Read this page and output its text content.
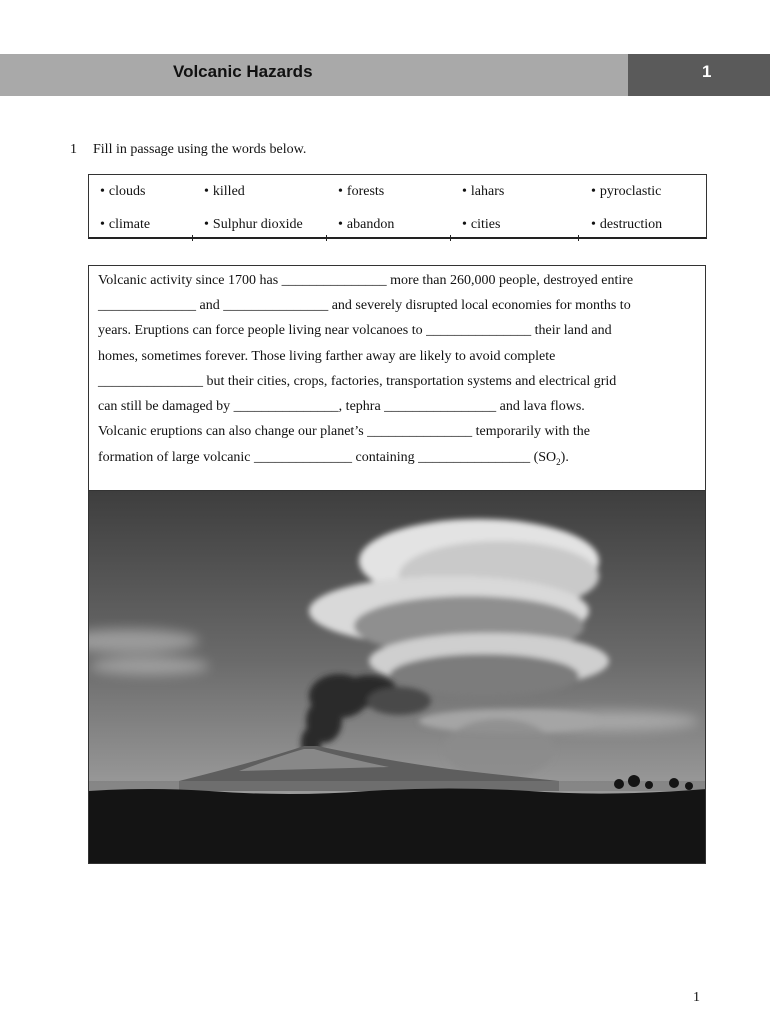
Volcanic Hazards	1
1 Fill in passage using the words below.
• clouds	• killed	• forests	• lahars	• pyroclastic
• climate	• Sulphur dioxide	• abandon	• cities	• destruction
Volcanic activity since 1700 has _______________ more than 260,000 people, destroyed entire
______________ and _______________ and severely disrupted local economies for months to
years. Eruptions can force people living near volcanoes to _______________ their land and
homes, sometimes forever. Those living farther away are likely to avoid complete
_______________ but their cities, crops, factories, transportation systems and electrical grid
can still be damaged by _______________, tephra ________________ and lava flows.
Volcanic eruptions can also change our planet’s _______________ temporarily with the
formation of large volcanic ______________ containing ________________ $(SO_2)$.
1
